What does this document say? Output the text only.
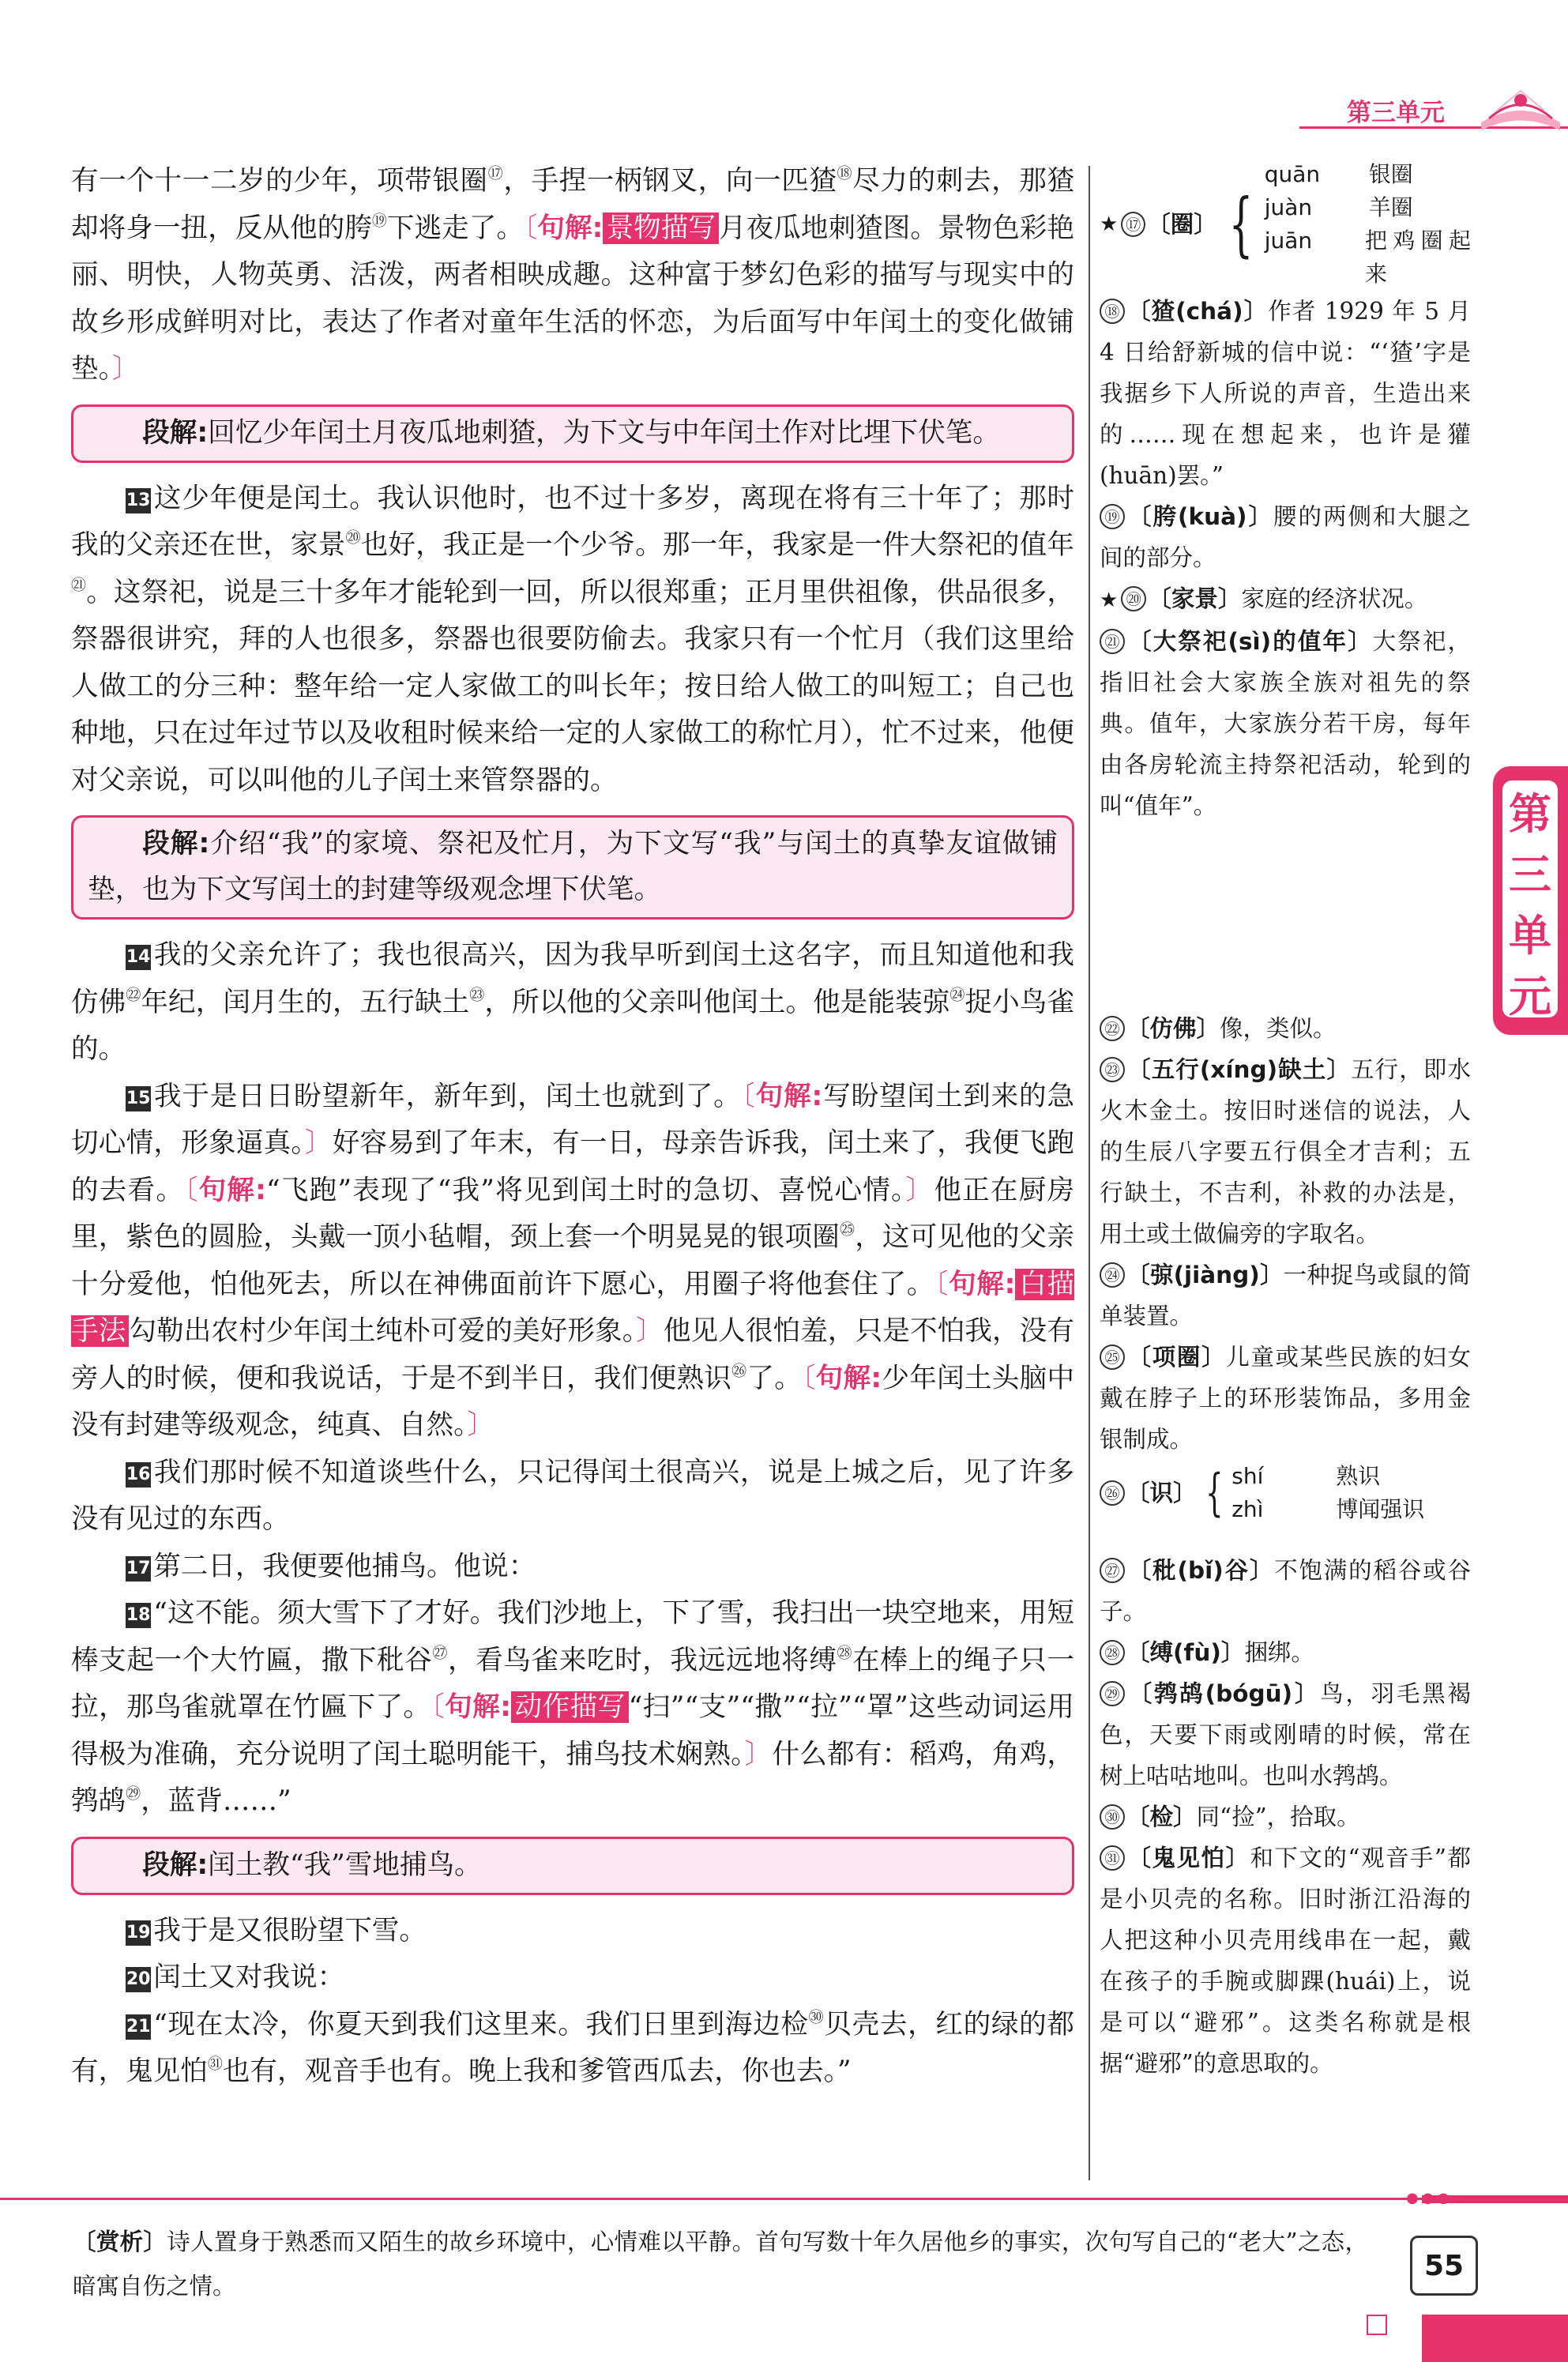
第三单元

有一个十一二岁的少年，项带银圈⑰，手捏一柄钢叉，向一匹猹⑱尽力的刺去，那猹却将身一扭，反从他的胯⑲下逃走了。〔句解: 景物描写 月夜瓜地刺猹图。景物色彩艳丽、明快，人物英勇、活泼，两者相映成趣。这种富于梦幻色彩的描写与现实中的故乡形成鲜明对比，表达了作者对童年生活的怀恋，为后面写中年闰土的变化做铺垫。〕

段解:回忆少年闰土月夜瓜地刺猹，为下文与中年闰土作对比埋下伏笔。

13 这少年便是闰土。我认识他时，也不过十多岁，离现在将有三十年了；那时我的父亲还在世，家景⑳也好，我正是一个少爷。那一年，我家是一件大祭祀的值年$^㉑$。这祭祀，说是三十多年才能轮到一回，所以很郑重；正月里供祖像，供品很多，祭器很讲究，拜的人也很多，祭器也很要防偷去。我家只有一个忙月（我们这里给人做工的分三种：整年给一定人家做工的叫长年；按日给人做工的叫短工；自己也种地，只在过年过节以及收租时候来给一定的人家做工的称忙月），忙不过来，他便对父亲说，可以叫他的儿子闰土来管祭器的。

段解:介绍“我”的家境、祭祀及忙月，为下文写“我”与闰土的真挚友谊做铺垫，也为下文写闰土的封建等级观念埋下伏笔。

14 我的父亲允许了；我也很高兴，因为我早听到闰土这名字，而且知道他和我仿佛$^㉒$年纪，闰月生的，五行缺土$^㉓$，所以他的父亲叫他闰土。他是能装弶$^㉔$捉小鸟雀的。

15 我于是日日盼望新年，新年到，闰土也就到了。〔句解:写盼望闰土到来的急切心情，形象逼真。〕好容易到了年末，有一日，母亲告诉我，闰土来了，我便飞跑的去看。〔句解:“飞跑”表现了“我”将见到闰土时的急切、喜悦心情。〕他正在厨房里，紫色的圆脸，头戴一顶小毡帽，颈上套一个明晃晃的银项圈$^㉕$，这可见他的父亲十分爱他，怕他死去，所以在神佛面前许下愿心，用圈子将他套住了。〔句解: 白描手法 勾勒出农村少年闰土纯朴可爱的美好形象。〕他见人很怕羞，只是不怕我，没有旁人的时候，便和我说话，于是不到半日，我们便熟识$^㉖$了。〔句解:少年闰土头脑中没有封建等级观念，纯真、自然。〕

16 我们那时候不知道谈些什么，只记得闰土很高兴，说是上城之后，见了许多没有见过的东西。

17 第二日，我便要他捕鸟。他说：

18 “这不能。须大雪下了才好。我们沙地上，下了雪，我扫出一块空地来，用短棒支起一个大竹匾，撒下秕谷$^㉗$，看鸟雀来吃时，我远远地将缚$^㉘$在棒上的绳子只一拉，那鸟雀就罩在竹匾下了。〔句解: 动作描写 “扫”“支”“撒”“拉”“罩”这些动词运用得极为准确，充分说明了闰土聪明能干，捕鸟技术娴熟。〕什么都有：稻鸡，角鸡，鹁鸪$^㉙$，蓝背……”

段解:闰土教“我”雪地捕鸟。

19 我于是又很盼望下雪。

20 闰土又对我说：

21 “现在太冷，你夏天到我们这里来。我们日里到海边检$^㉚$贝壳去，红的绿的都有，鬼见怕$^㉛$也有，观音手也有。晚上我和爹管西瓜去，你也去。”

★ ⑰ 〔圈〕 {
quān	银圈
juàn	羊圈
juān	把鸡圈起来

⑱ 〔猹(chá)〕作者 1929 年 5 月 4 日给舒新城的信中说：“‘猹’字是我据乡下人所说的声音，生造出来的……现在想起来，也许是獾(huān)罢。”

⑲ 〔胯(kuà)〕腰的两侧和大腿之间的部分。

★ ⑳ 〔家景〕家庭的经济状况。

㉑ 〔大祭祀(sì)的值年〕大祭祀，指旧社会大家族全族对祖先的祭典。值年，大家族分若干房，每年由各房轮流主持祭祀活动，轮到的叫“值年”。

㉒ 〔仿佛〕像，类似。

㉓ 〔五行(xíng)缺土〕五行，即水火木金土。按旧时迷信的说法，人的生辰八字要五行俱全才吉利；五行缺土，不吉利，补救的办法是，用土或土做偏旁的字取名。

㉔ 〔弶(jiàng)〕一种捉鸟或鼠的简单装置。

㉕ 〔项圈〕儿童或某些民族的妇女戴在脖子上的环形装饰品，多用金银制成。

㉖ 〔识〕 { shí	熟识
zhì	博闻强识

㉗ 〔秕(bǐ)谷〕不饱满的稻谷或谷子。

㉘ 〔缚(fù)〕捆绑。

㉙ 〔鹁鸪(bógū)〕鸟，羽毛黑褐色，天要下雨或刚晴的时候，常在树上咕咕地叫。也叫水鹁鸪。

㉚ 〔检〕同“捡”，拾取。

㉛ 〔鬼见怕〕和下文的“观音手”都是小贝壳的名称。旧时浙江沿海的人把这种小贝壳用线串在一起，戴在孩子的手腕或脚踝(huái)上，说是可以“避邪”。这类名称就是根据“避邪”的意思取的。

第
三
单
元
●●●
〔赏析〕诗人置身于熟悉而又陌生的故乡环境中，心情难以平静。首句写数十年久居他乡的事实，次句写自己的“老大”之态，暗寓自伤之情。
55
